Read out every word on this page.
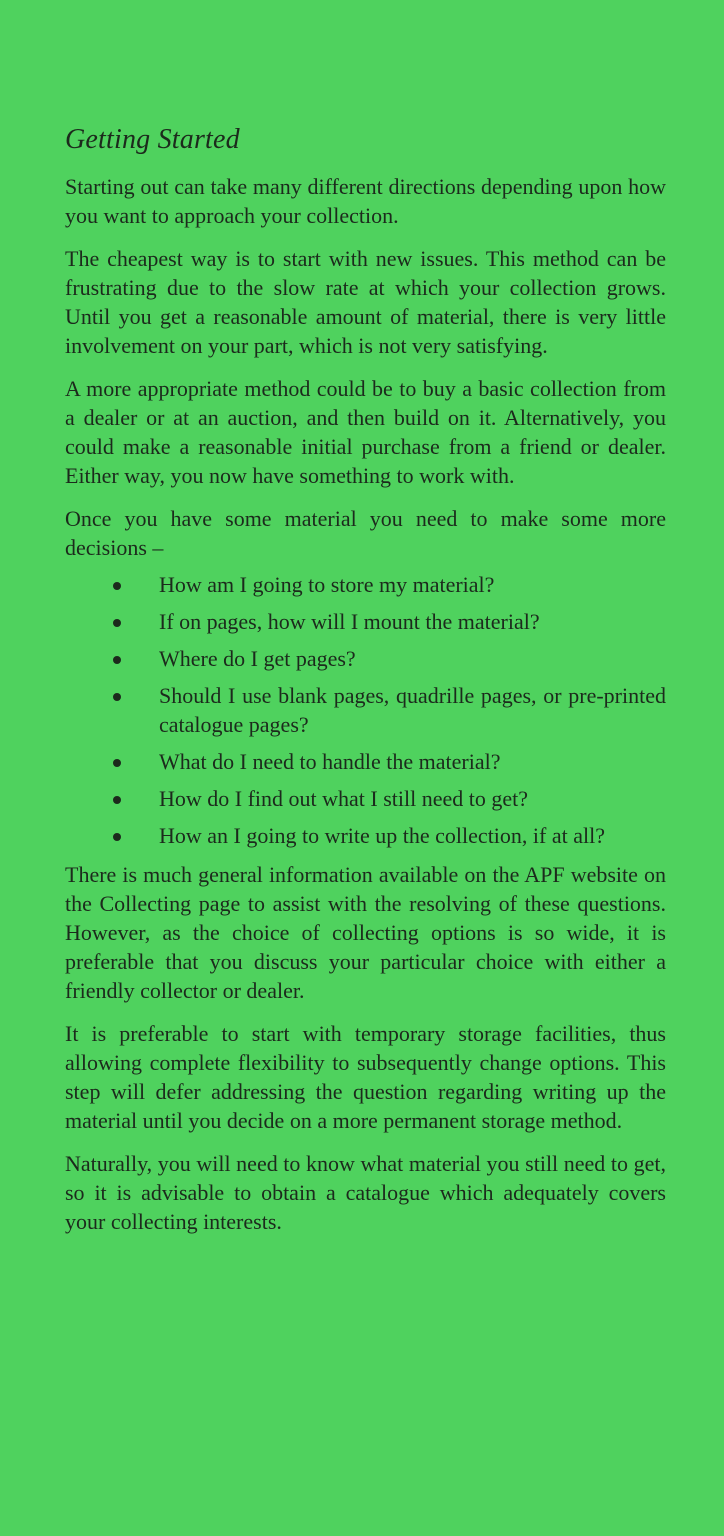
Getting Started

Starting out can take many different directions depending upon how you want to approach your collection.

The cheapest way is to start with new issues. This method can be frustrating due to the slow rate at which your collection grows. Until you get a reasonable amount of material, there is very little involvement on your part, which is not very satisfying.

A more appropriate method could be to buy a basic collection from a dealer or at an auction, and then build on it. Alternatively, you could make a reasonable initial purchase from a friend or dealer. Either way, you now have something to work with.

Once you have some material you need to make some more decisions –

How am I going to store my material?
If on pages, how will I mount the material?
Where do I get pages?
Should I use blank pages, quadrille pages, or pre-printed catalogue pages?
What do I need to handle the material?
How do I find out what I still need to get?
How an I going to write up the collection, if at all?

There is much general information available on the APF website on the Collecting page to assist with the resolving of these questions. However, as the choice of collecting options is so wide, it is preferable that you discuss your particular choice with either a friendly collector or dealer.

It is preferable to start with temporary storage facilities, thus allowing complete flexibility to subsequently change options. This step will defer addressing the question regarding writing up the material until you decide on a more permanent storage method.

Naturally, you will need to know what material you still need to get, so it is advisable to obtain a catalogue which adequately covers your collecting interests.
